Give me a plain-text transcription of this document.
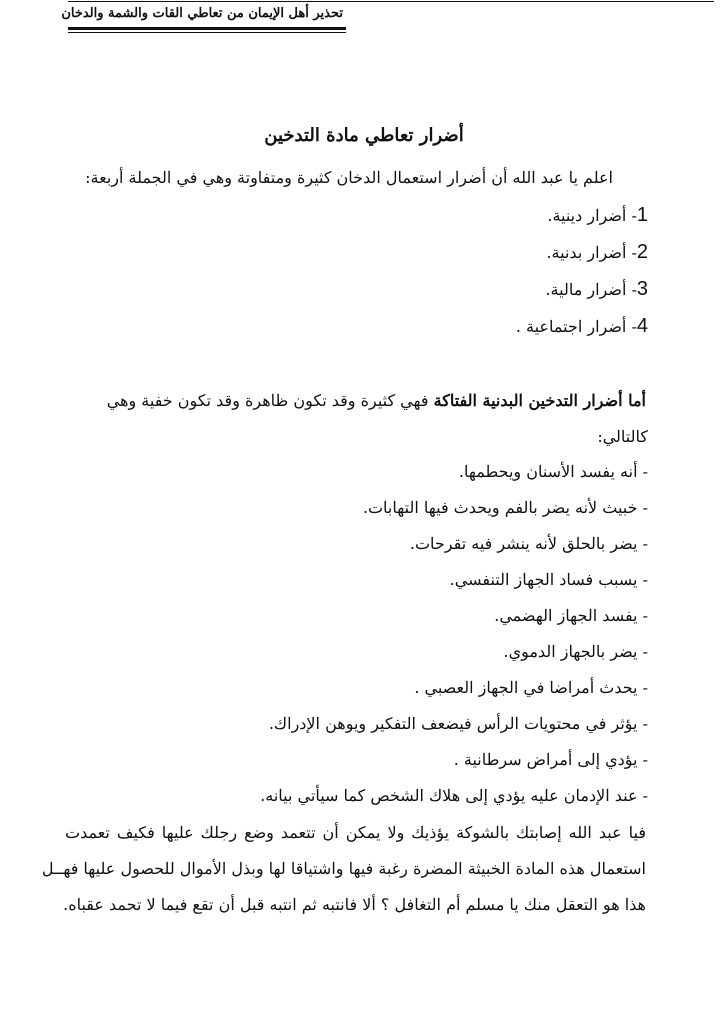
تحذير أهل الإيمان من تعاطي القات والشمة والدخان
أضرار تعاطي مادة التدخين
اعلم يا عبد الله أن أضرار استعمال الدخان كثيرة ومتفاوتة وهي في الجملة أربعة:
1- أضرار دينية.
2- أضرار بدنية.
3- أضرار مالية.
4- أضرار اجتماعية .
أما أضرار التدخين البدنية الفتاكة فهي كثيرة وقد تكون ظاهرة وقد تكون خفية وهي
كالتالي:
- أنه يفسد الأسنان ويحطمها.
- خبيث لأنه يضر بالفم ويحدث فيها التهابات.
- يضر بالحلق لأنه ينشر فيه تقرحات.
- يسبب فساد الجهاز التنفسي.
- يفسد الجهاز الهضمي.
- يضر بالجهاز الدموي.
- يحدث أمراضا في الجهاز العصبي .
- يؤثر في محتويات الرأس فيضعف التفكير ويوهن الإدراك.
- يؤدي إلى أمراض سرطانية .
- عند الإدمان عليه يؤدي إلى هلاك الشخص كما سيأتي بيانه.
فيا عبد الله إصابتك بالشوكة يؤذيك ولا يمكن أن تتعمد وضع رجلك عليها فكيف تعمدت
استعمال هذه المادة الخبيثة المضرة رغبة فيها واشتياقا لها وبذل الأموال للحصول عليها فهــل
هذا هو التعقل منك يا مسلم أم التغافل ؟ ألا فانتبه ثم انتبه قبل أن تقع فيما لا تحمد عقباه.
